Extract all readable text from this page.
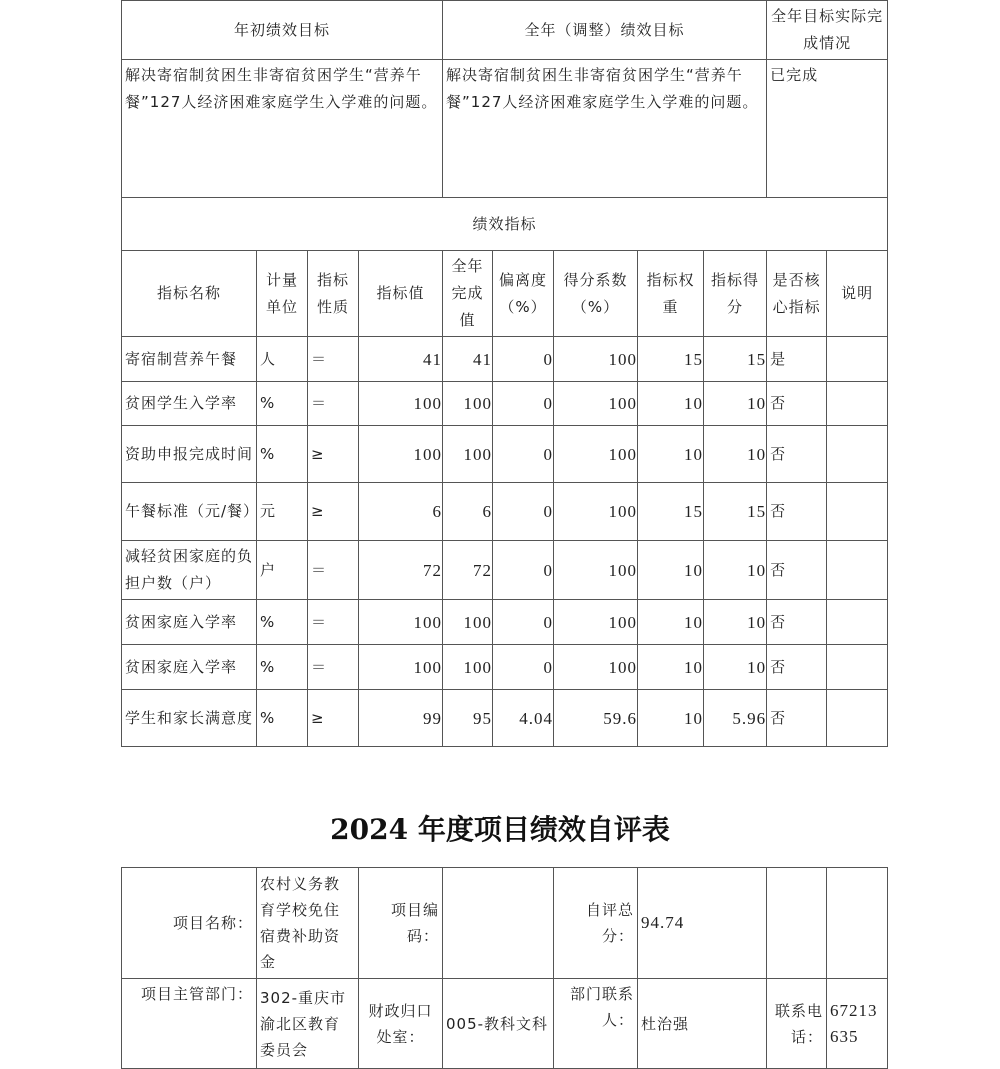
年初绩效目标				全年（调整）绩效目标					全年目标实际完成情况	
解决寄宿制贫困生非寄宿贫困学生“营养午餐”127人经济困难家庭学生入学难的问题。				解决寄宿制贫困生非寄宿贫困学生“营养午餐”127人经济困难家庭学生入学难的问题。					已完成	
绩效指标										
指标名称	计量单位	指标性质	指标值	全年完成值	偏离度（%）	得分系数（%）	指标权重	指标得分	是否核心指标	说明
寄宿制营养午餐	人	＝	41	41	0	100	15	15	是	
贫困学生入学率	%	＝	100	100	0	100	10	10	否	
资助申报完成时间	%	≥	100	100	0	100	10	10	否	
午餐标准（元/餐）	元	≥	6	6	0	100	15	15	否	
减轻贫困家庭的负担户数（户）	户	＝	72	72	0	100	10	10	否	
贫困家庭入学率	%	＝	100	100	0	100	10	10	否	
贫困家庭入学率	%	＝	100	100	0	100	10	10	否	
学生和家长满意度	%	≥	99	95	4.04	59.6	10	5.96	否	
2024 年度项目绩效自评表
项目名称：	农村义务教育学校免住宿费补助资金	项目编码：		自评总分：	94.74		
项目主管部门：	302-重庆市渝北区教育委员会	财政归口处室：	005-教科文科	部门联系人：	杜治强	联系电话：	67213635
